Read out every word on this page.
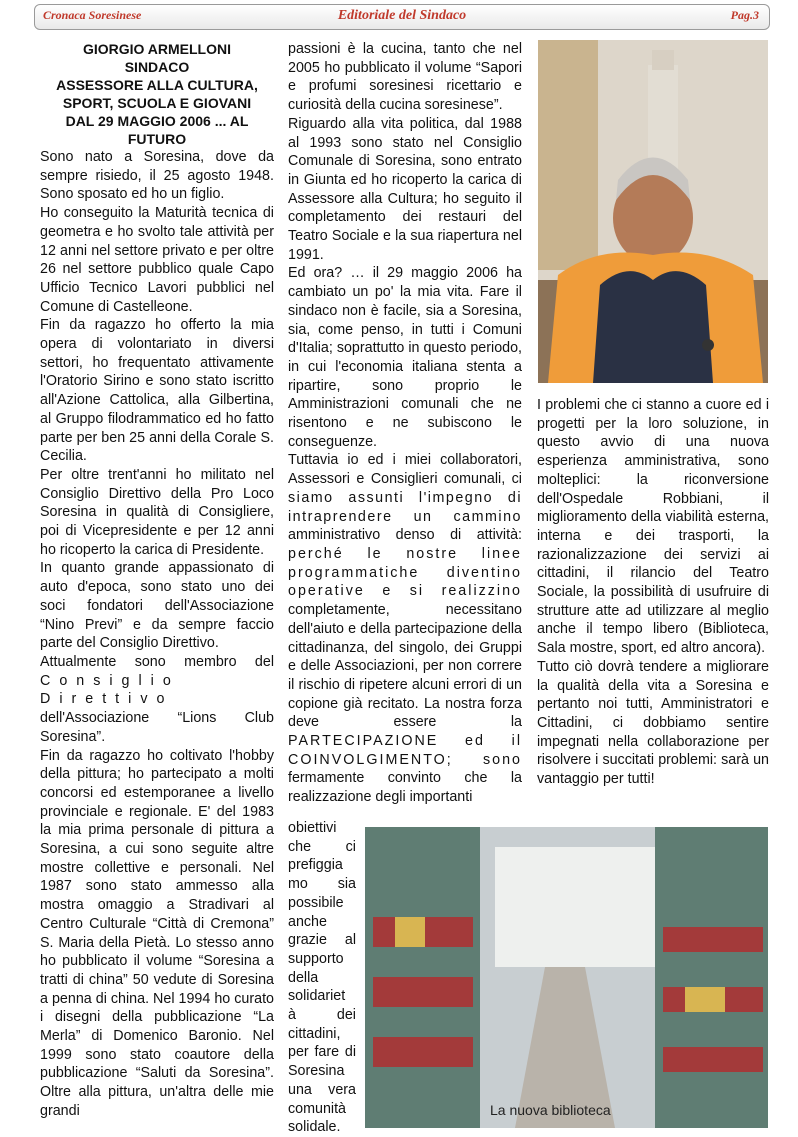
Cronaca Soresinese	Editoriale del Sindaco	Pag.3

GIORGIO ARMELLONI

SINDACO

ASSESSORE ALLA CULTURA,

SPORT, SCUOLA E GIOVANI

DAL 29 MAGGIO 2006 ... AL FUTURO

Sono nato a Soresina, dove da sempre risiedo, il 25 agosto 1948. Sono sposato ed ho un figlio.

Ho conseguito la Maturità tecnica di geometra e ho svolto tale attività per 12 anni nel settore privato e per oltre 26 nel settore pubblico quale Capo Ufficio Tecnico Lavori pubblici nel Comune di Castelleone.

Fin da ragazzo ho offerto la mia opera di volontariato in diversi settori, ho frequentato attivamente l'Oratorio Sirino e sono stato iscritto all'Azione Cattolica, alla Gilbertina, al Gruppo filodrammatico ed ho fatto parte per ben 25 anni della Corale S. Cecilia.

Per oltre trent'anni ho militato nel Consiglio Direttivo della Pro Loco Soresina in qualità di Consigliere, poi di Vicepresidente e per 12 anni ho ricoperto la carica di Presidente.

In quanto grande appassionato di auto d'epoca, sono stato uno dei soci fondatori dell'Associazione “Nino Previ” e da sempre faccio parte del Consiglio Direttivo.

Attualmente sono membro del Consiglio Direttivo dell'Associazione “Lions Club Soresina”.

Fin da ragazzo ho coltivato l'hobby della pittura; ho partecipato a molti concorsi ed estemporanee a livello provinciale e regionale. E' del 1983 la mia prima personale di pittura a Soresina, a cui sono seguite altre mostre collettive e personali. Nel 1987 sono stato ammesso alla mostra omaggio a Stradivari al Centro Culturale “Città di Cremona” S. Maria della Pietà. Lo stesso anno ho pubblicato il volume “Soresina a tratti di china” 50 vedute di Soresina a penna di china. Nel 1994 ho curato i disegni della pubblicazione “La Merla” di Domenico Baronio. Nel 1999 sono stato coautore della pubblicazione “Saluti da Soresina”. Oltre alla pittura, un'altra delle mie grandi

passioni è la cucina, tanto che nel 2005 ho pubblicato il volume “Sapori e profumi soresinesi ricettario e curiosità della cucina soresinese”.

Riguardo alla vita politica, dal 1988 al 1993 sono stato nel Consiglio Comunale di Soresina, sono entrato in Giunta ed ho ricoperto la carica di Assessore alla Cultura; ho seguito il completamento dei restauri del Teatro Sociale e la sua riapertura nel 1991.

Ed ora? … il 29 maggio 2006 ha cambiato un po' la mia vita. Fare il sindaco non è facile, sia a Soresina, sia, come penso, in tutti i Comuni d'Italia; soprattutto in questo periodo, in cui l'economia italiana stenta a ripartire, sono proprio le Amministrazioni comunali che ne risentono e ne subiscono le conseguenze.

Tuttavia io ed i miei collaboratori, Assessori e Consiglieri comunali, ci siamo assunti l'impegno di intraprendere un cammino amministrativo denso di attività: perché le nostre linee programmatiche diventino operative e si realizzino completamente, necessitano dell'aiuto e della partecipazione della cittadinanza, del singolo, dei Gruppi e delle Associazioni, per non correre il rischio di ripetere alcuni errori di un copione già recitato. La nostra forza deve essere la PARTECIPAZIONE ed il COINVOLGIMENTO; sono fermamente convinto che la realizzazione degli importanti

obiettivi che ci prefiggia mo sia possibile anche grazie al supporto della solidariet à dei cittadini, per fare di Soresina una vera comunità solidale.

I problemi che ci stanno a cuore ed i progetti per la loro soluzione, in questo avvio di una nuova esperienza amministrativa, sono molteplici: la riconversione dell'Ospedale Robbiani, il miglioramento della viabilità esterna, interna e dei trasporti, la razionalizzazione dei servizi ai cittadini, il rilancio del Teatro Sociale, la possibilità di usufruire di strutture atte ad utilizzare al meglio anche il tempo libero (Biblioteca, Sala mostre, sport, ed altro ancora).

Tutto ciò dovrà tendere a migliorare la qualità della vita a Soresina e pertanto noi tutti, Amministratori e Cittadini, ci dobbiamo sentire impegnati nella collaborazione per risolvere i succitati problemi: sarà un vantaggio per tutti!

La nuova biblioteca
